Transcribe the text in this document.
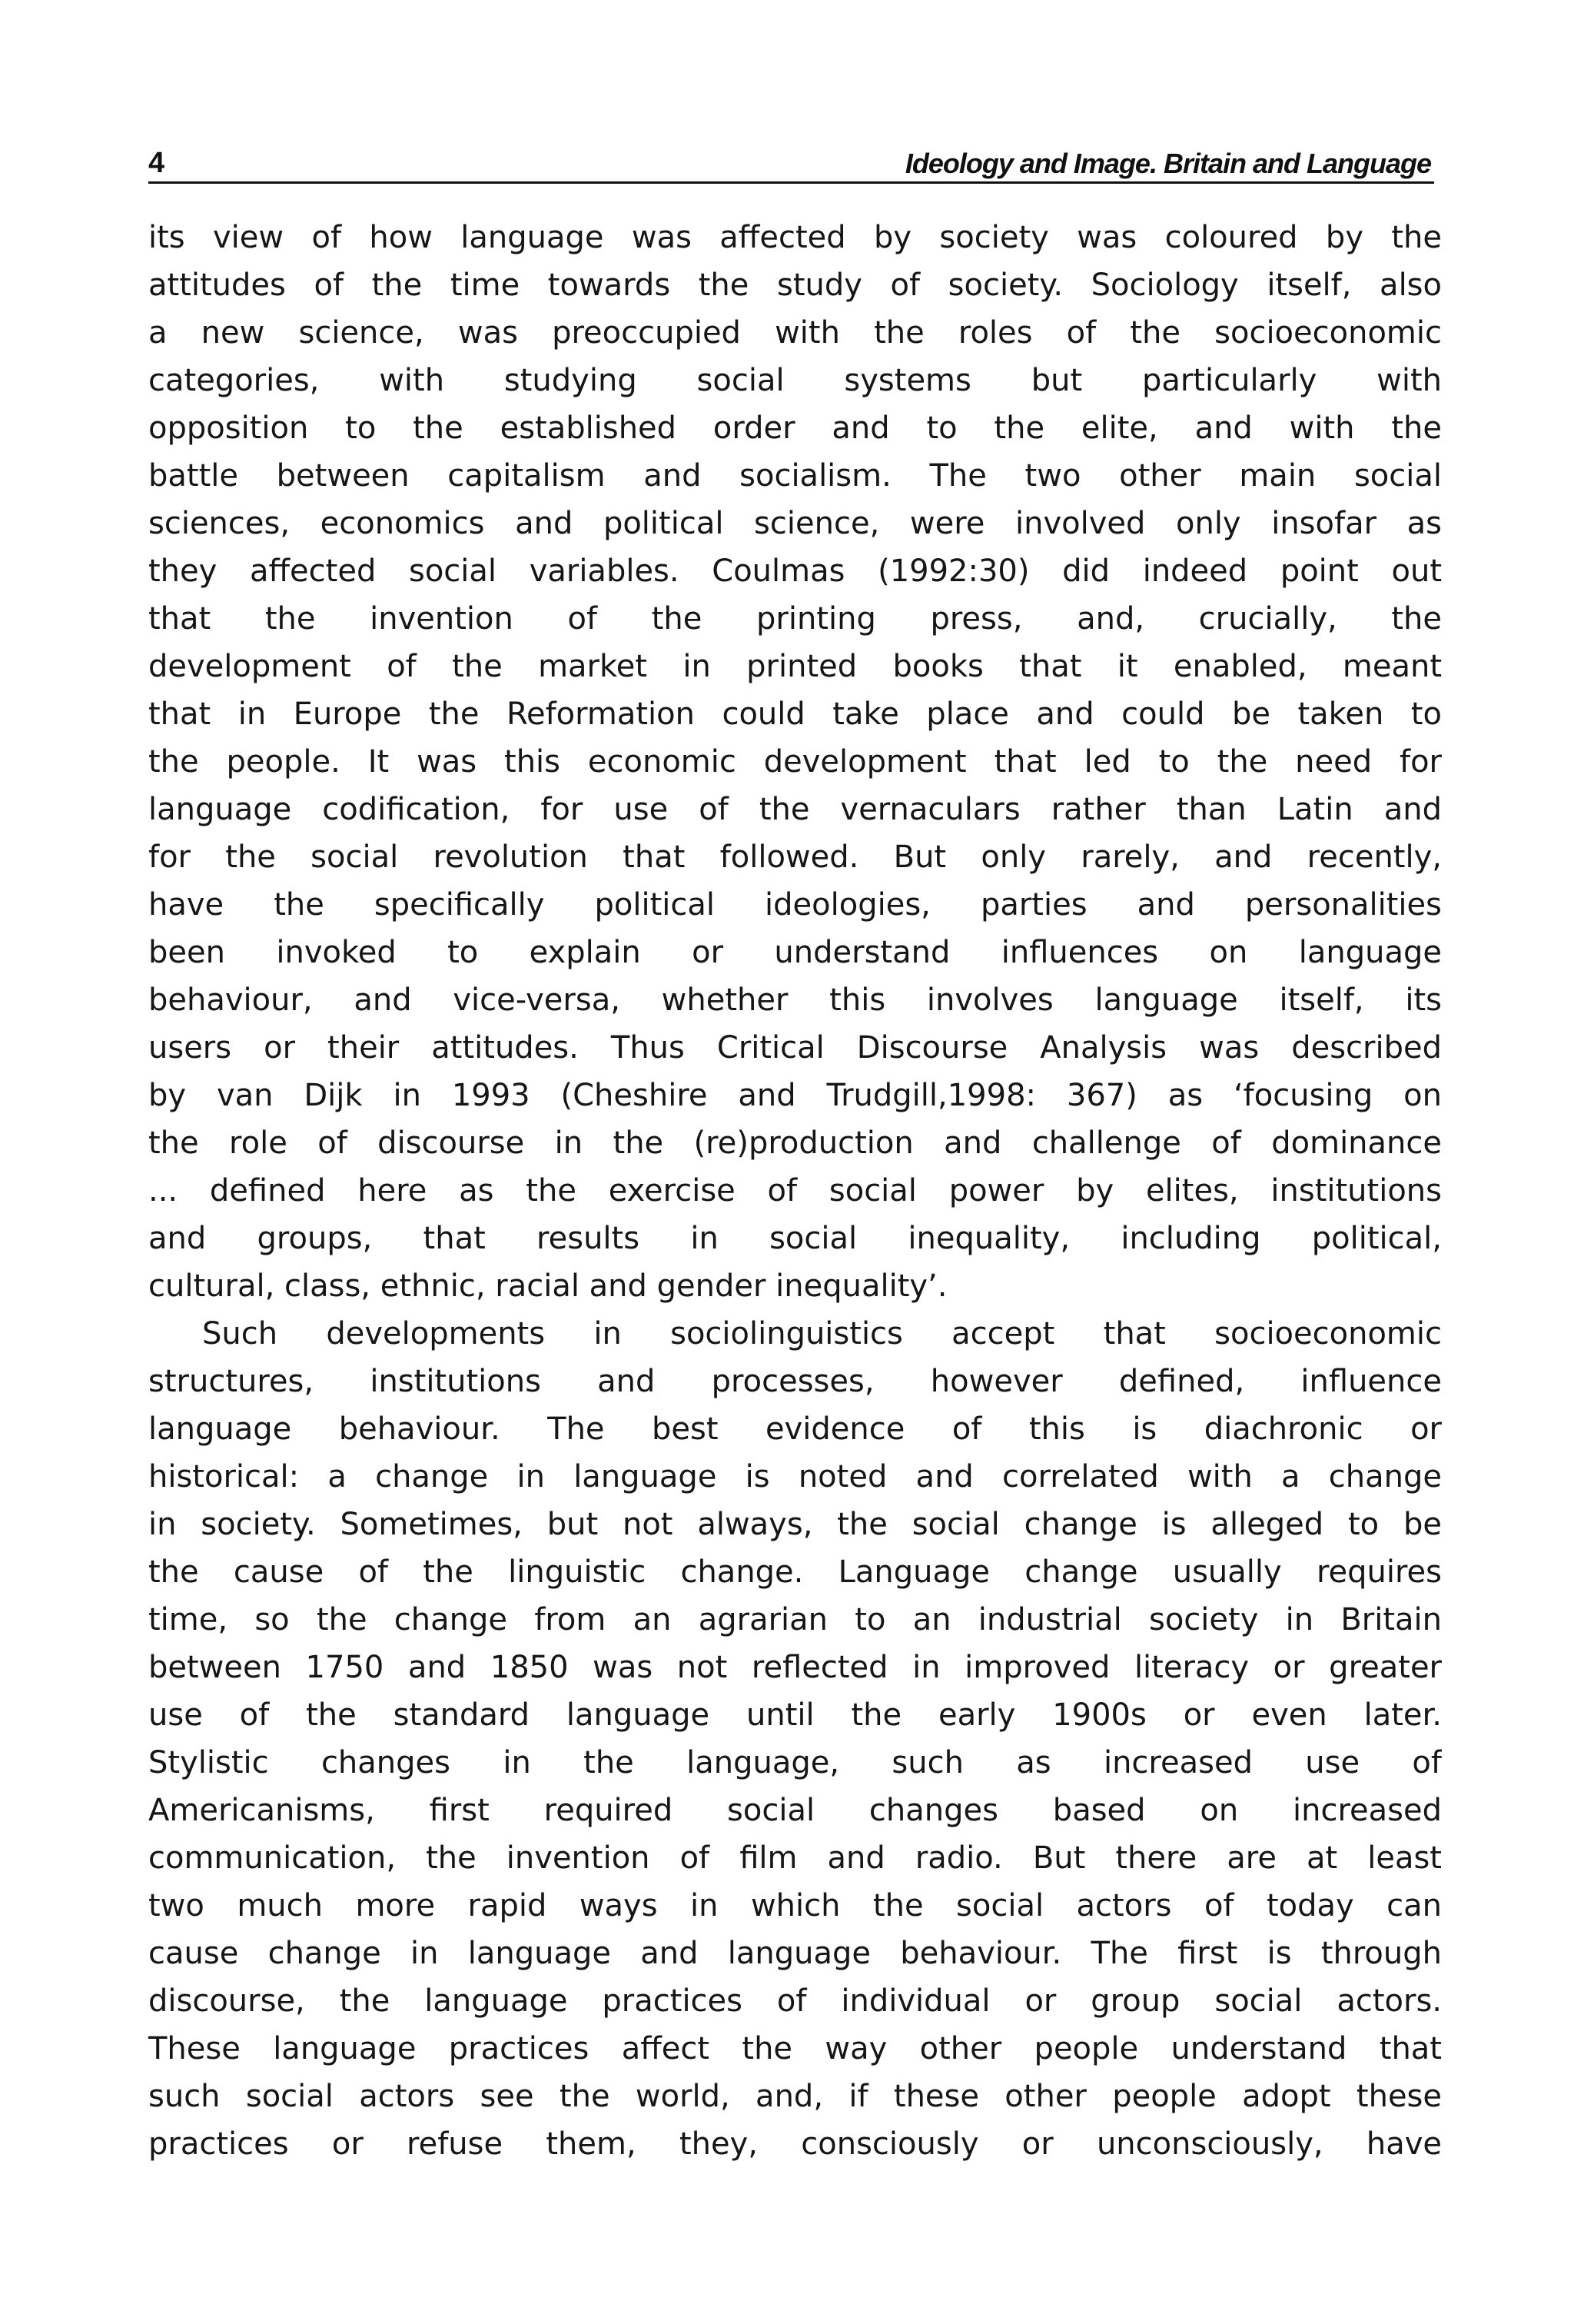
4	Ideology and Image. Britain and Language
its view of how language was affected by society was coloured by the
attitudes of the time towards the study of society. Sociology itself, also
a new science, was preoccupied with the roles of the socioeconomic
categories, with studying social systems but particularly with
opposition to the established order and to the elite, and with the
battle between capitalism and socialism. The two other main social
sciences, economics and political science, were involved only insofar as
they affected social variables. Coulmas (1992:30) did indeed point out
that the invention of the printing press, and, crucially, the
development of the market in printed books that it enabled, meant
that in Europe the Reformation could take place and could be taken to
the people. It was this economic development that led to the need for
language codification, for use of the vernaculars rather than Latin and
for the social revolution that followed. But only rarely, and recently,
have the specifically political ideologies, parties and personalities
been invoked to explain or understand influences on language
behaviour, and vice-versa, whether this involves language itself, its
users or their attitudes. Thus Critical Discourse Analysis was described
by van Dijk in 1993 (Cheshire and Trudgill,1998: 367) as ‘focusing on
the role of discourse in the (re)production and challenge of dominance
... defined here as the exercise of social power by elites, institutions
and groups, that results in social inequality, including political,
cultural, class, ethnic, racial and gender inequality’.
Such developments in sociolinguistics accept that socioeconomic
structures, institutions and processes, however defined, influence
language behaviour. The best evidence of this is diachronic or
historical: a change in language is noted and correlated with a change
in society. Sometimes, but not always, the social change is alleged to be
the cause of the linguistic change. Language change usually requires
time, so the change from an agrarian to an industrial society in Britain
between 1750 and 1850 was not reflected in improved literacy or greater
use of the standard language until the early 1900s or even later.
Stylistic changes in the language, such as increased use of
Americanisms, first required social changes based on increased
communication, the invention of film and radio. But there are at least
two much more rapid ways in which the social actors of today can
cause change in language and language behaviour. The first is through
discourse, the language practices of individual or group social actors.
These language practices affect the way other people understand that
such social actors see the world, and, if these other people adopt these
practices or refuse them, they, consciously or unconsciously, have
